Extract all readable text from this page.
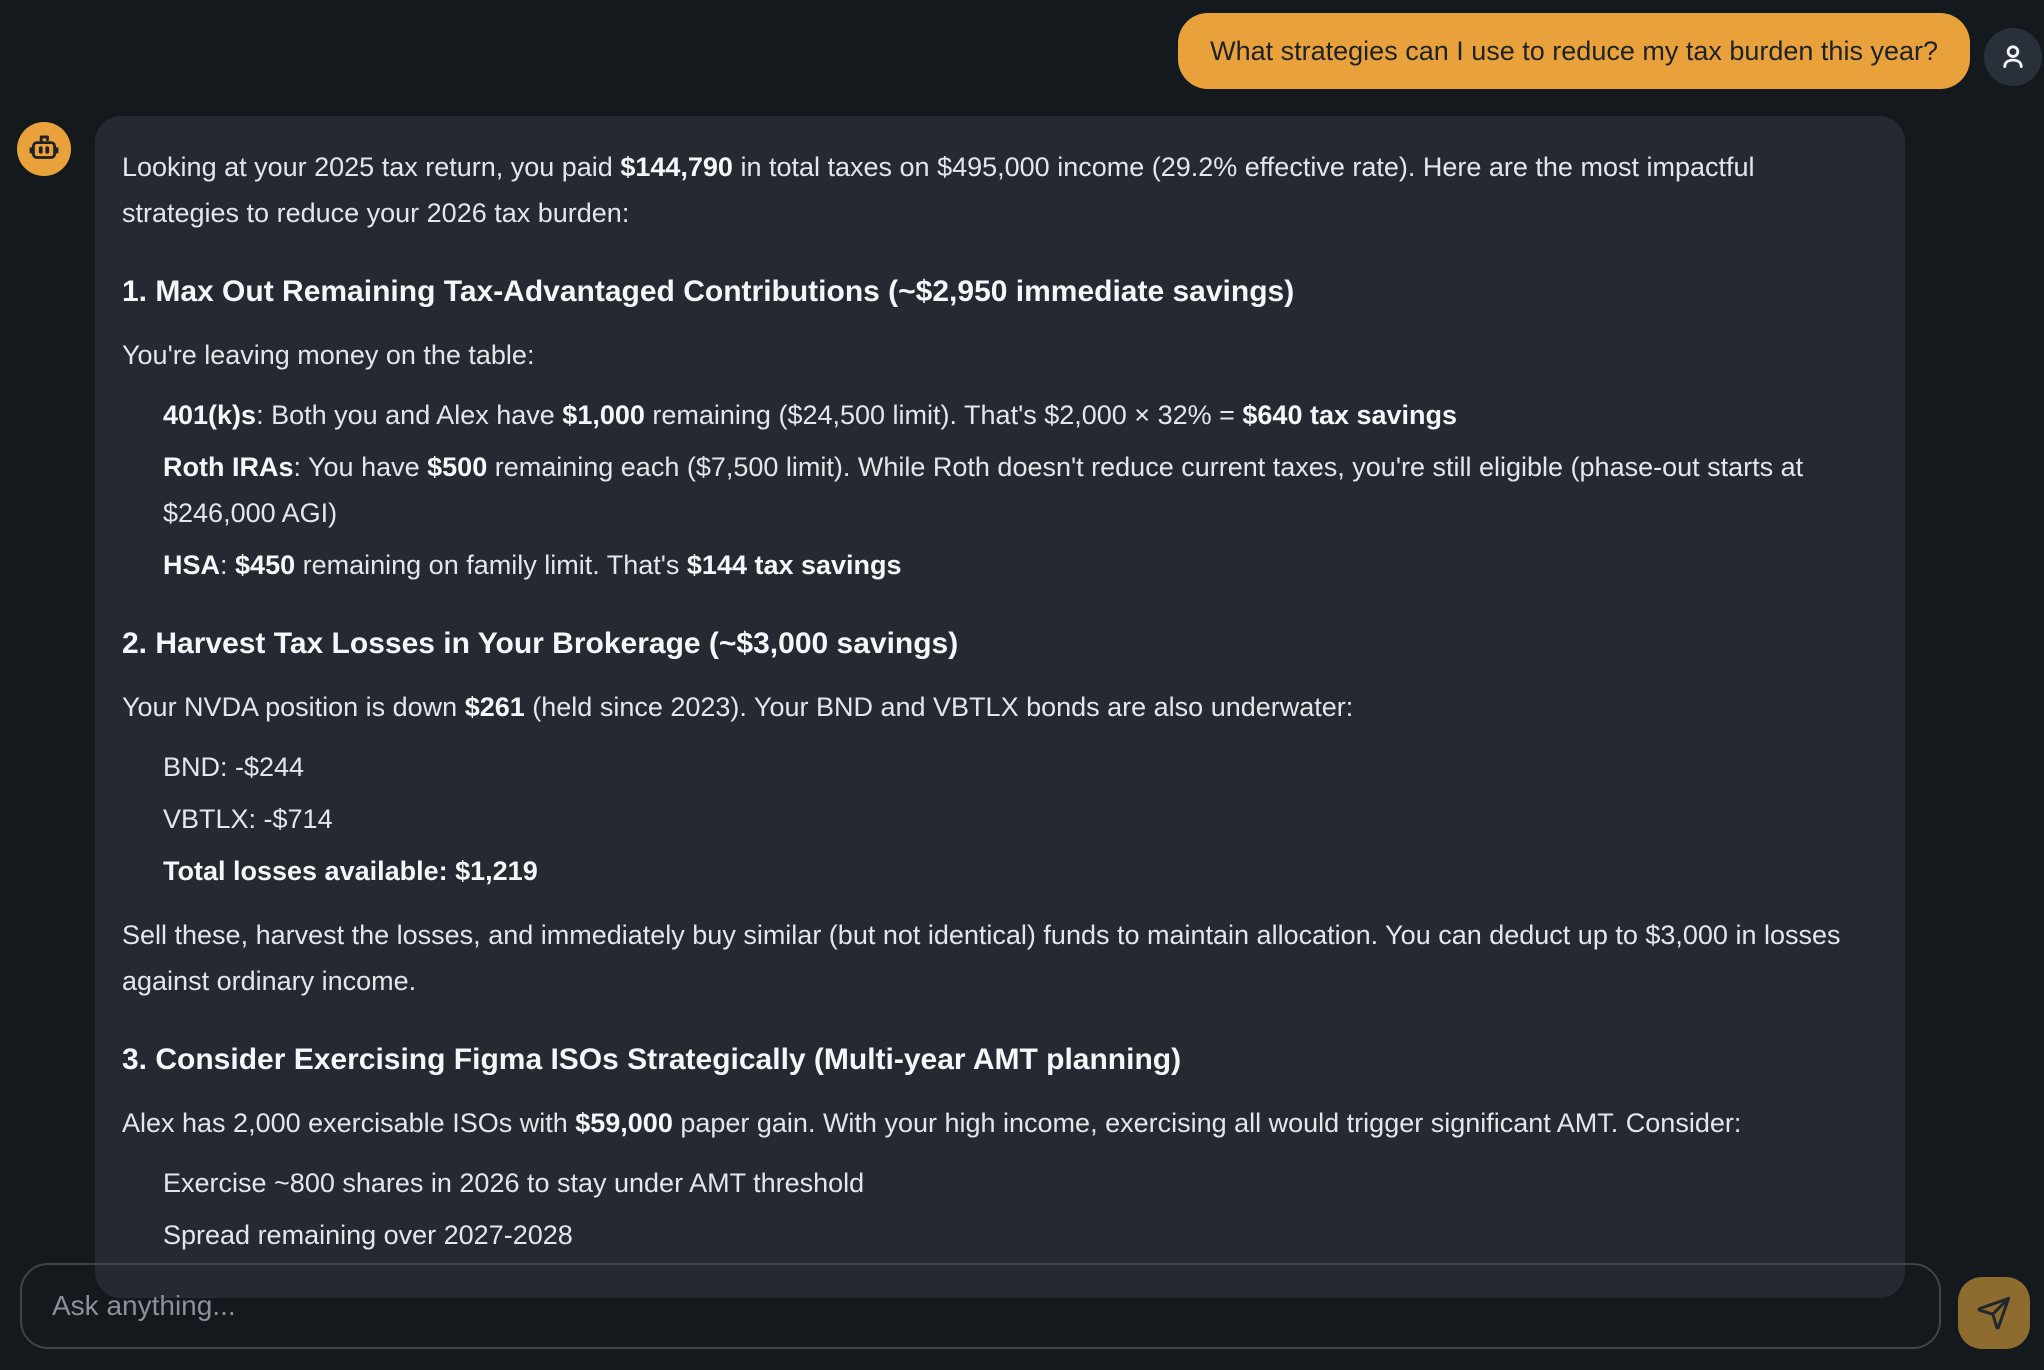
What strategies can I use to reduce my tax burden this year?
Looking at your 2025 tax return, you paid $144,790 in total taxes on $495,000 income (29.2% effective rate). Here are the most impactful strategies to reduce your 2026 tax burden:
1. Max Out Remaining Tax-Advantaged Contributions (~$2,950 immediate savings)
You're leaving money on the table:
401(k)s: Both you and Alex have $1,000 remaining ($24,500 limit). That's $2,000 × 32% = $640 tax savings
Roth IRAs: You have $500 remaining each ($7,500 limit). While Roth doesn't reduce current taxes, you're still eligible (phase-out starts at $246,000 AGI)
HSA: $450 remaining on family limit. That's $144 tax savings
2. Harvest Tax Losses in Your Brokerage (~$3,000 savings)
Your NVDA position is down $261 (held since 2023). Your BND and VBTLX bonds are also underwater:
BND: -$244
VBTLX: -$714
Total losses available: $1,219
Sell these, harvest the losses, and immediately buy similar (but not identical) funds to maintain allocation. You can deduct up to $3,000 in losses against ordinary income.
3. Consider Exercising Figma ISOs Strategically (Multi-year AMT planning)
Alex has 2,000 exercisable ISOs with $59,000 paper gain. With your high income, exercising all would trigger significant AMT. Consider:
Exercise ~800 shares in 2026 to stay under AMT threshold
Spread remaining over 2027-2028
Ask anything...
